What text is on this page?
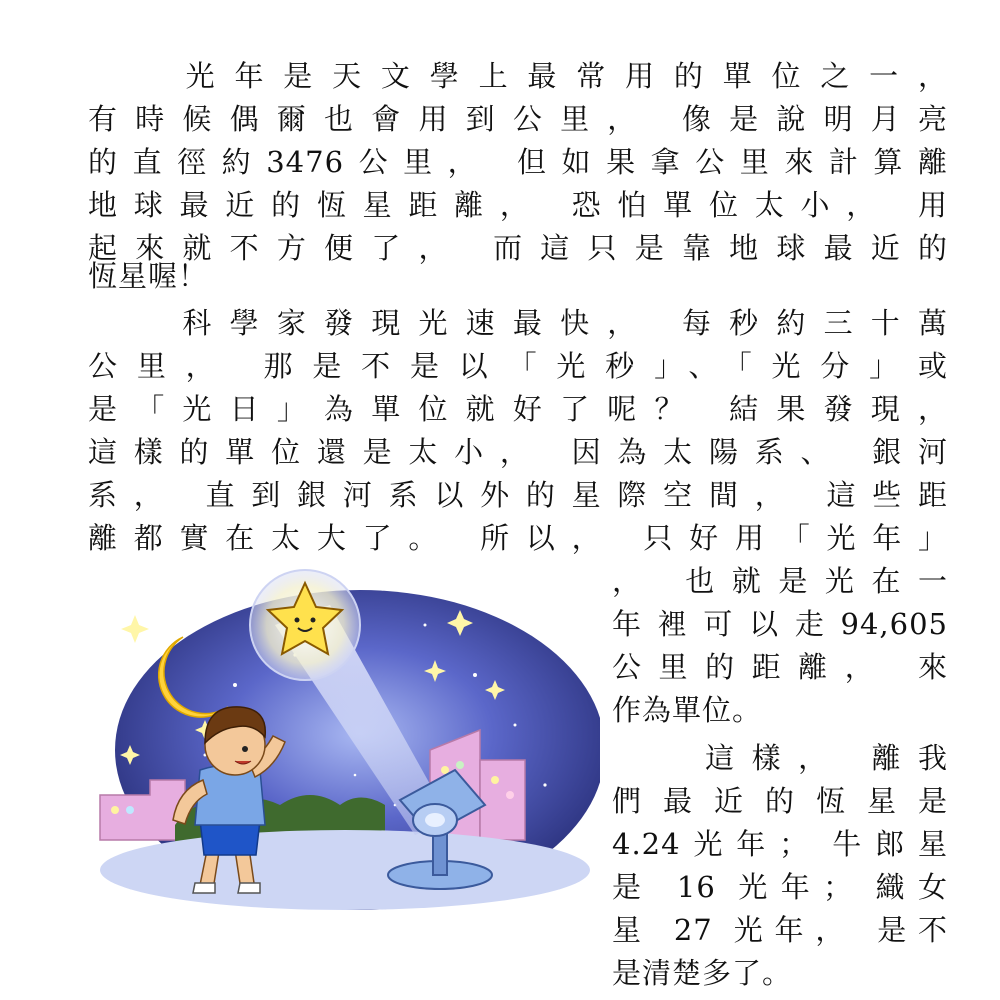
　　光年是天文學上最常用的單位之一，
有時候偶爾也會用到公里， 像是說明月亮
的直徑約3476公里， 但如果拿公里來計算離
地球最近的恆星距離， 恐怕單位太小， 用
起來就不方便了， 而這只是靠地球最近的
恆星喔！
　　科學家發現光速最快， 每秒約三十萬
公里， 那是不是以「光秒」、「光分」或
是「光日」為單位就好了呢？ 結果發現，
這樣的單位還是太小， 因為太陽系、 銀河
系， 直到銀河系以外的星際空間， 這些距
離都實在太大了。 所以， 只好用「光年」
， 也就是光在一
年裡可以走94,605
公里的距離， 來
作為單位。
　　這樣， 離我
們最近的恆星是
4.24光年； 牛郎星
是 16 光年； 織女
星 27 光年， 是不
是清楚多了。
